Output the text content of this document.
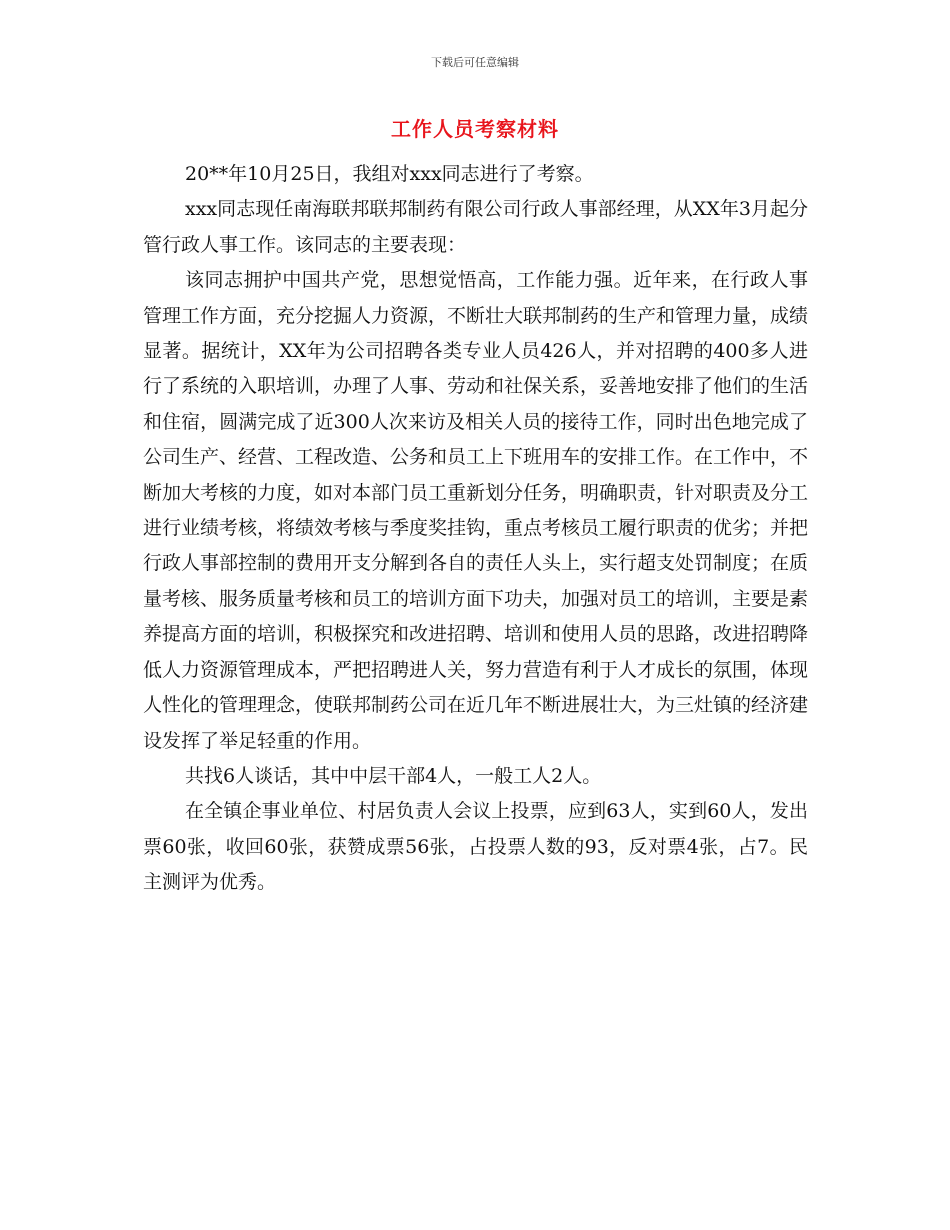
下载后可任意编辑
工作人员考察材料

20**年10月25日，我组对xxx同志进行了考察。

xxx同志现任南海联邦联邦制药有限公司行政人事部经理，从XX年3月起分管行政人事工作。该同志的主要表现：

该同志拥护中国共产党，思想觉悟高，工作能力强。近年来，在行政人事管理工作方面，充分挖掘人力资源，不断壮大联邦制药的生产和管理力量，成绩显著。据统计，XX年为公司招聘各类专业人员426人，并对招聘的400多人进行了系统的入职培训，办理了人事、劳动和社保关系，妥善地安排了他们的生活和住宿，圆满完成了近300人次来访及相关人员的接待工作，同时出色地完成了公司生产、经营、工程改造、公务和员工上下班用车的安排工作。在工作中，不断加大考核的力度，如对本部门员工重新划分任务，明确职责，针对职责及分工进行业绩考核，将绩效考核与季度奖挂钩，重点考核员工履行职责的优劣；并把行政人事部控制的费用开支分解到各自的责任人头上，实行超支处罚制度；在质量考核、服务质量考核和员工的培训方面下功夫，加强对员工的培训，主要是素养提高方面的培训，积极探究和改进招聘、培训和使用人员的思路，改进招聘降低人力资源管理成本，严把招聘进人关，努力营造有利于人才成长的氛围，体现人性化的管理理念，使联邦制药公司在近几年不断进展壮大，为三灶镇的经济建设发挥了举足轻重的作用。

共找6人谈话，其中中层干部4人，一般工人2人。

在全镇企事业单位、村居负责人会议上投票，应到63人，实到60人，发出票60张，收回60张，获赞成票56张，占投票人数的93，反对票4张，占7。民主测评为优秀。
